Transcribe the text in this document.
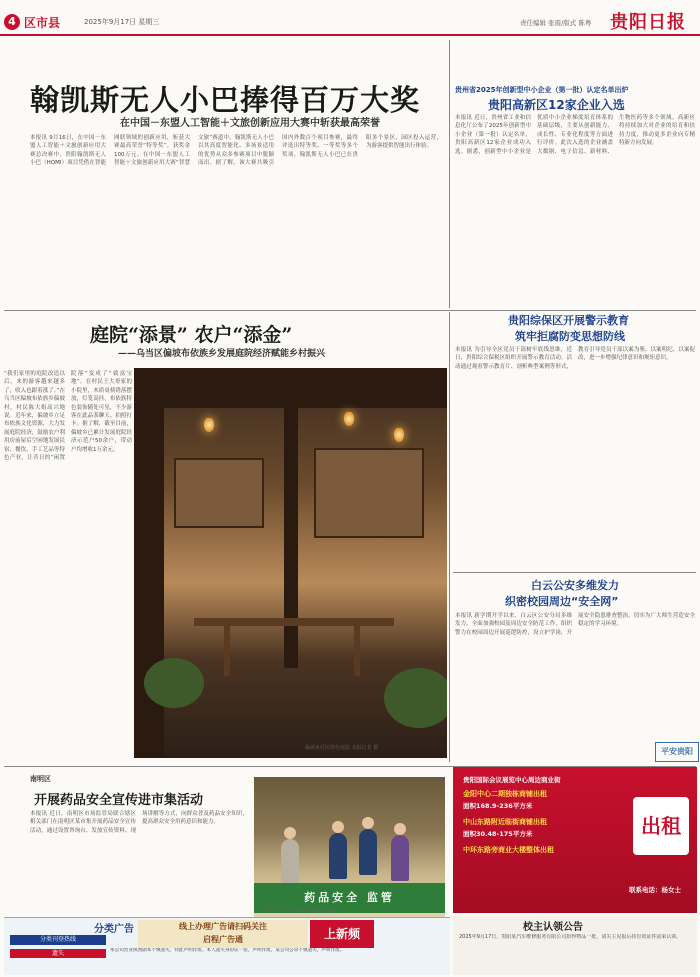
4 区市县	2025年9月17日 星期三	责任编辑 张震/版式 陈粤 贵阳日报
翰凯斯无人小巴捧得百万大奖
在中国－东盟人工智能＋文旅创新应用大赛中斩获最高荣誉
本报讯 9月16日，在中国－东盟人工智能＋文旅创新应用大赛总决赛中，贵阳翰凯斯无人小巴（HOMI）项目凭借在智能网联领域的创新应用，斩获大赛最高荣誉“特等奖”，获奖金100万元。在中国－东盟人工智能＋文旅创新应用大赛“智慧文旅”赛道中，翰凯斯无人小巴以其高度智能化、多场景适用的优势从众多参赛项目中脱颖而出。据了解，该大赛共吸引国内外数百个项目参赛，最终评选出特等奖、一等奖等多个奖项。翰凯斯无人小巴已在贵阳多个景区、园区投入运营，为游客提供智能出行体验。
贵州省2025年创新型中小企业（第一批）认定名单出炉
贵阳高新区12家企业入选
本报讯 近日，贵州省工业和信息化厅公布了2025年创新型中小企业（第一批）认定名单，贵阳高新区12家企业成功入选。据悉，创新型中小企业是优质中小企业梯度培育体系的基础层级，主要从创新能力、成长性、专业化程度等方面进行评价。此次入选的企业涵盖大数据、电子信息、新材料、生物医药等多个领域。高新区将持续加大对企业的培育和扶持力度，推动更多企业向专精特新方向发展。
庭院“添景” 农户“添金”
——乌当区偏坡布依族乡发展庭院经济赋能乡村振兴
“我们家里的庭院改造以后，来的游客越来越多了，收入也跟着涨了。”在乌当区偏坡布依族乡偏坡村，村民陈大姐高兴地说。近年来，偏坡乡立足布依族文化资源，大力发展庭院经济，鼓励农户利用房前屋后空闲地发展民宿、餐饮、手工艺品等特色产业，让昔日的“闲置院落”变成了“致富宝地”。在村民王大哥家的小院里，木质桌椅错落摆放，灯笼高挂，布依族特色装饰随处可见，不少游客在此品茶聊天、拍照打卡。据了解，截至目前，偏坡乡已累计发展庭院经济示范户50余户，带动户均增收1万余元。
偏坡乡村民特色庭院 本报记者 摄
贵阳综保区开展警示教育
筑牢拒腐防变思想防线
本报讯 为引导全区党员干部树牢底线思维，近日，贵阳综合保税区组织开展警示教育活动。活动通过观看警示教育片、剖析典型案例等形式，教育引导党员干部以案为鉴、以案明纪、以案促改，进一步增强纪律意识和规矩意识。
白云公安多维发力
织密校园周边“安全网”
本报讯 新学期开学以来，白云区公安分局多维发力，全面加强校园及周边安全防范工作，组织警力在校园周边开展巡逻防控，设立护学岗，开展安全隐患排查整治，切实为广大师生营造安全稳定的学习环境。
平安贵阳
南明区
开展药品安全宣传进市集活动
本报讯 近日，南明区市场监管局联合辖区相关部门在南明区某市集开展药品安全宣传活动，通过设置咨询台、发放宣传资料、现场讲解等方式，向群众普及药品安全知识，提高群众安全用药意识和能力。
药品安全 监管
执法人员向群众宣传药品安全知识
贵阳国际会议展览中心周边商业街
金阳中心二期独栋商铺出租
面积168.9-236平方米
中山东路附近临街商铺出租
面积30.48-175平方米
中环东路旁商业大楼整体出租
出租
联系电话：杨女士
分类广告
分类刊登热线
线上办理广告请扫码关注
启程广告通	上新频
遗失	本公司营业执照副本不慎遗失，特此声明作废。本人遗失身份证一张，声明作废。某公司公章不慎遗失，声明作废。
校主认领公告
2025年9月17日，贵阳某汽车维修服务有限公司拾得物品一批，请失主见报后持有效证件前来认领。
